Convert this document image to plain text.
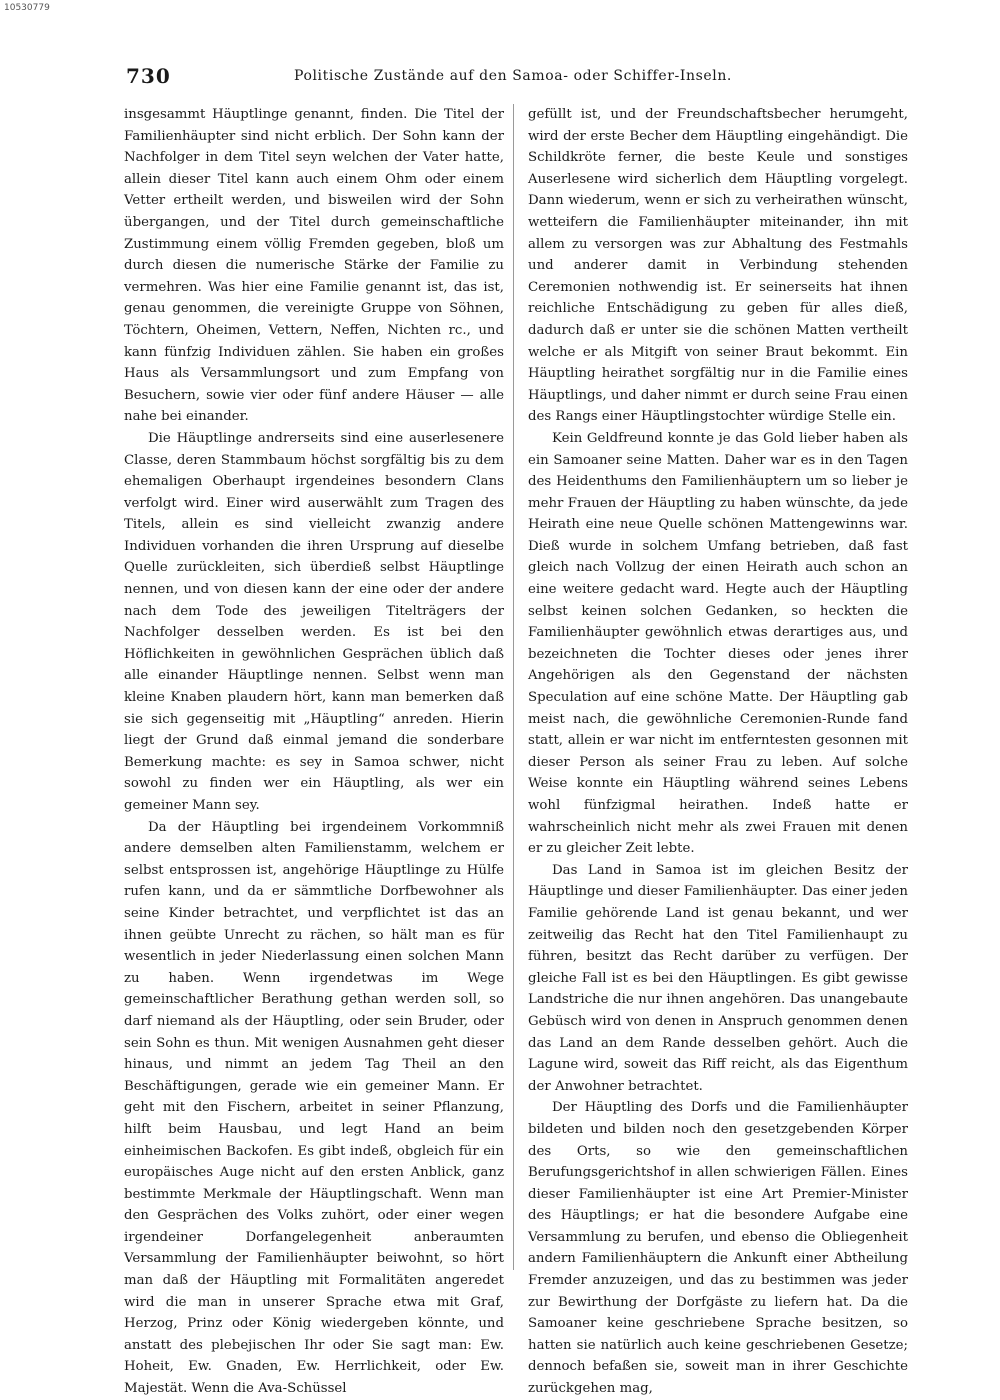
10530779
730	Politische Zustände auf den Samoa- oder Schiffer-Inseln.

insgesammt Häuptlinge genannt, finden. Die Titel der Familienhäupter sind nicht erblich. Der Sohn kann der Nachfolger in dem Titel seyn welchen der Vater hatte, allein dieser Titel kann auch einem Ohm oder einem Vetter ertheilt werden, und bisweilen wird der Sohn übergangen, und der Titel durch gemeinschaftliche Zustimmung einem völlig Fremden gegeben, bloß um durch diesen die numerische Stärke der Familie zu vermehren. Was hier eine Familie genannt ist, das ist, genau genommen, die vereinigte Gruppe von Söhnen, Töchtern, Oheimen, Vettern, Neffen, Nichten rc., und kann fünfzig Individuen zählen. Sie haben ein großes Haus als Versammlungsort und zum Empfang von Besuchern, sowie vier oder fünf andere Häuser — alle nahe bei einander.

Die Häuptlinge andrerseits sind eine auserlesenere Classe, deren Stammbaum höchst sorgfältig bis zu dem ehemaligen Oberhaupt irgendeines besondern Clans verfolgt wird. Einer wird auserwählt zum Tragen des Titels, allein es sind vielleicht zwanzig andere Individuen vorhanden die ihren Ursprung auf dieselbe Quelle zurückleiten, sich überdieß selbst Häuptlinge nennen, und von diesen kann der eine oder der andere nach dem Tode des jeweiligen Titelträgers der Nachfolger desselben werden. Es ist bei den Höflichkeiten in gewöhnlichen Gesprächen üblich daß alle einander Häuptlinge nennen. Selbst wenn man kleine Knaben plaudern hört, kann man bemerken daß sie sich gegenseitig mit „Häuptling“ anreden. Hierin liegt der Grund daß einmal jemand die sonderbare Bemerkung machte: es sey in Samoa schwer, nicht sowohl zu finden wer ein Häuptling, als wer ein gemeiner Mann sey.

Da der Häuptling bei irgendeinem Vorkommniß andere demselben alten Familienstamm, welchem er selbst entsprossen ist, angehörige Häuptlinge zu Hülfe rufen kann, und da er sämmtliche Dorfbewohner als seine Kinder betrachtet, und verpflichtet ist das an ihnen geübte Unrecht zu rächen, so hält man es für wesentlich in jeder Niederlassung einen solchen Mann zu haben. Wenn irgendetwas im Wege gemeinschaftlicher Berathung gethan werden soll, so darf niemand als der Häuptling, oder sein Bruder, oder sein Sohn es thun. Mit wenigen Ausnahmen geht dieser hinaus, und nimmt an jedem Tag Theil an den Beschäftigungen, gerade wie ein gemeiner Mann. Er geht mit den Fischern, arbeitet in seiner Pflanzung, hilft beim Hausbau, und legt Hand an beim einheimischen Backofen. Es gibt indeß, obgleich für ein europäisches Auge nicht auf den ersten Anblick, ganz bestimmte Merkmale der Häuptlingschaft. Wenn man den Gesprächen des Volks zuhört, oder einer wegen irgendeiner Dorfangelegenheit anberaumten Versammlung der Familienhäupter beiwohnt, so hört man daß der Häuptling mit Formalitäten angeredet wird die man in unserer Sprache etwa mit Graf, Herzog, Prinz oder König wiedergeben könnte, und anstatt des plebejischen Ihr oder Sie sagt man: Ew. Hoheit, Ew. Gnaden, Ew. Herrlichkeit, oder Ew. Majestät. Wenn die Ava-Schüssel

gefüllt ist, und der Freundschaftsbecher herumgeht, wird der erste Becher dem Häuptling eingehändigt. Die Schildkröte ferner, die beste Keule und sonstiges Auserlesene wird sicherlich dem Häuptling vorgelegt. Dann wiederum, wenn er sich zu verheirathen wünscht, wetteifern die Familienhäupter miteinander, ihn mit allem zu versorgen was zur Abhaltung des Festmahls und anderer damit in Verbindung stehenden Ceremonien nothwendig ist. Er seinerseits hat ihnen reichliche Entschädigung zu geben für alles dieß, dadurch daß er unter sie die schönen Matten vertheilt welche er als Mitgift von seiner Braut bekommt. Ein Häuptling heirathet sorgfältig nur in die Familie eines Häuptlings, und daher nimmt er durch seine Frau einen des Rangs einer Häuptlingstochter würdige Stelle ein.

Kein Geldfreund konnte je das Gold lieber haben als ein Samoaner seine Matten. Daher war es in den Tagen des Heidenthums den Familienhäuptern um so lieber je mehr Frauen der Häuptling zu haben wünschte, da jede Heirath eine neue Quelle schönen Mattengewinns war. Dieß wurde in solchem Umfang betrieben, daß fast gleich nach Vollzug der einen Heirath auch schon an eine weitere gedacht ward. Hegte auch der Häuptling selbst keinen solchen Gedanken, so heckten die Familienhäupter gewöhnlich etwas derartiges aus, und bezeichneten die Tochter dieses oder jenes ihrer Angehörigen als den Gegenstand der nächsten Speculation auf eine schöne Matte. Der Häuptling gab meist nach, die gewöhnliche Ceremonien-Runde fand statt, allein er war nicht im entferntesten gesonnen mit dieser Person als seiner Frau zu leben. Auf solche Weise konnte ein Häuptling während seines Lebens wohl fünfzigmal heirathen. Indeß hatte er wahrscheinlich nicht mehr als zwei Frauen mit denen er zu gleicher Zeit lebte.

Das Land in Samoa ist im gleichen Besitz der Häuptlinge und dieser Familienhäupter. Das einer jeden Familie gehörende Land ist genau bekannt, und wer zeitweilig das Recht hat den Titel Familienhaupt zu führen, besitzt das Recht darüber zu verfügen. Der gleiche Fall ist es bei den Häuptlingen. Es gibt gewisse Landstriche die nur ihnen angehören. Das unangebaute Gebüsch wird von denen in Anspruch genommen denen das Land an dem Rande desselben gehört. Auch die Lagune wird, soweit das Riff reicht, als das Eigenthum der Anwohner betrachtet.

Der Häuptling des Dorfs und die Familienhäupter bildeten und bilden noch den gesetzgebenden Körper des Orts, so wie den gemeinschaftlichen Berufungsgerichtshof in allen schwierigen Fällen. Eines dieser Familienhäupter ist eine Art Premier-Minister des Häuptlings; er hat die besondere Aufgabe eine Versammlung zu berufen, und ebenso die Obliegenheit andern Familienhäuptern die Ankunft einer Abtheilung Fremder anzuzeigen, und das zu bestimmen was jeder zur Bewirthung der Dorfgäste zu liefern hat. Da die Samoaner keine geschriebene Sprache besitzen, so hatten sie natürlich auch keine geschriebenen Gesetze; dennoch befaßen sie, soweit man in ihrer Geschichte zurückgehen mag,
